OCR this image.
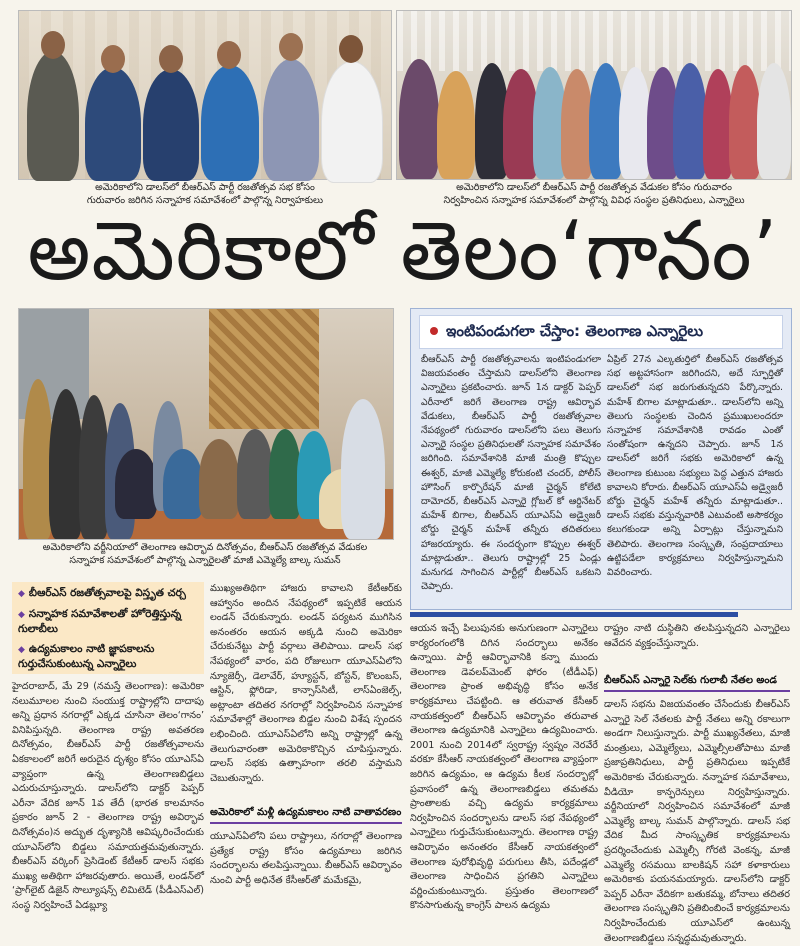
అమెరికాలోని డాలస్‌లో బీఆర్‌ఎస్ పార్టీ రజతోత్సవ సభ కోసం
గురువారం జరిగిన సన్నాహక సమావేశంలో పాల్గొన్న నిర్వాహకులు
అమెరికాలోని డాలస్‌లో బీఆర్‌ఎస్ పార్టీ రజతోత్సవ వేడుకల కోసం గురువారం
నిర్వహించిన సన్నాహక సమావేశంలో పాల్గొన్న వివిధ సంస్థల ప్రతినిధులు, ఎన్నారైలు
అమెరికాలో తెలం‘గానం’
అమెరికాలోని వర్జీనియాలో తెలంగాణ ఆవిర్భావ దినోత్సవం, బీఆర్‌ఎస్ రజతోత్సవ వేడుకల
సన్నాహక సమావేశంలో పాల్గొన్న ఎన్నారైలతో మాజీ ఎమ్మెల్యే బాల్క సుమన్
ఇంటిపండుగలా చేస్తాం: తెలంగాణ ఎన్నారైలు
బీఆర్‌ఎస్ పార్టీ రజతోత్సవాలను ఇంటిపండుగలా విజయవంతం చేస్తామని డాలస్‌లోని తెలంగాణ ఎన్నారైలు ప్రకటించారు. జూన్ 1న డాక్టర్ పెప్పర్ ఎరీనాలో జరిగే తెలంగాణ రాష్ట్ర ఆవిర్భావ వేడుకలు, బీఆర్‌ఎస్ పార్టీ రజతోత్సవాల నేపథ్యంలో గురువారం డాలస్‌లోని పలు తెలుగు ఎన్నారై సంస్థల ప్రతినిధులతో సన్నాహక సమావేశం జరిగింది. సమావేశానికి మాజీ మంత్రి కొప్పుల ఈశ్వర్, మాజీ ఎమ్మెల్యే కోరుకంటి చందర్, పోలీస్ హౌసింగ్ కార్పొరేషన్ మాజీ చైర్మన్ కోలేటి దామోదర్, బీఆర్‌ఎస్ ఎన్నారై గ్లోబల్ కో ఆర్డినేటర్ మహేశ్ బిగాల, బీఆర్‌ఎస్ యూఎస్‌ఏ అడ్వైజరీ బోర్డు చైర్మన్ మహేశ్ తన్నీరు తదితరులు హాజరయ్యారు. ఈ సందర్భంగా కొప్పుల ఈశ్వర్ మాట్లాడుతూ.. తెలుగు రాష్ట్రాల్లో 25 ఏండ్లు మనుగడ సాగించిన పార్టీల్లో బీఆర్‌ఎస్ ఒకటని చెప్పారు.
ఏప్రిల్ 27న ఎల్కతుర్తిలో బీఆర్‌ఎస్ రజతోత్సవ సభ అట్టహాసంగా జరిగిందని, అదే స్ఫూర్తితో డాలస్‌లో సభ జరుగుతున్నదని పేర్కొన్నారు. మహేశ్ బిగాల మాట్లాడుతూ.. డాలస్‌లోని అన్ని తెలుగు సంస్థలకు చెందిన ప్రముఖులందరూ సన్నాహక సమావేశానికి రావడం ఎంతో సంతోషంగా ఉన్నదని చెప్పారు. జూన్ 1న డాలస్‌లో జరిగే సభకు అమెరికాలో ఉన్న తెలంగాణ కుటుంబ సభ్యులు పెద్ద ఎత్తున హాజరు కావాలని కోరారు. బీఆర్‌ఎస్ యూఎస్‌ఏ అడ్వైజరీ బోర్డు చైర్మన్ మహేశ్ తన్నీరు మాట్లాడుతూ.. డాలస్ సభకు వస్తున్నవారికి ఎటువంటి అసౌకర్యం కలుగకుండా అన్ని ఏర్పాట్లు చేస్తున్నామని తెలిపారు. తెలంగాణ సంస్కృతి, సంప్రదాయాలు ఉట్టిపడేలా కార్యక్రమాలు నిర్వహిస్తున్నామని వివరించారు.
◆ బీఆర్‌ఎస్ రజతోత్సవాలపై విస్తృత చర్చ
◆ సన్నాహక సమావేశాలతో హోరెత్తిస్తున్న గులాబీలు
◆ ఉద్యమకాలం నాటి జ్ఞాపకాలను గుర్తుచేసుకుంటున్న ఎన్నారైలు
హైదరాబాద్, మే 29 (నమస్తే తెలంగాణ): అమెరికా నలుమూలల నుంచి సంయుక్త రాష్ట్రాల్లోని దాదాపు అన్ని ప్రధాన నగరాల్లో ఎక్కడ చూసినా తెలం‘గానం’ వినిపిస్తున్నది. తెలంగాణ రాష్ట్ర అవతరణ దినోత్సవం, బీఆర్‌ఎస్ పార్టీ రజతోత్సవాలను ఏకకాలంలో జరిగే అరుదైన దృశ్యం కోసం యూఎస్‌ఏ వ్యాప్తంగా ఉన్న తెలంగాణబిడ్డలు ఎదురుచూస్తున్నారు. డాలస్‌లోని డాక్టర్ పెప్పర్ ఎరీనా వేదిక జూన్ 1వ తేదీ (భారత కాలమానం ప్రకారం జూన్ 2 - తెలంగాణ రాష్ట్ర అవిర్భావ దినోత్సవం)న అద్భుత దృశ్యానికి ఆవిష్కరించేందుకు యూఎస్‌లోని బిడ్డలు సమాయత్తమవుతున్నారు. బీఆర్‌ఎస్ వర్కింగ్ ప్రెసిడెంట్ కేటీఆర్ డాలస్ సభకు ముఖ్య అతిథిగా హాజరవుతారు. అయితే, లండన్‌లో ‘ప్రాగ్‌లైట్ డిజైన్ సొల్యూషన్స్ లిమిటెడ్ (పీడీఎస్‌ఎల్) సంస్థ నిర్వహించే ఏడబ్ల్యూ
ముఖ్యఅతిథిగా హాజరు కావాలని కేటీఆర్‌కు ఆహ్వానం అందిన నేపథ్యంలో ఇప్పటికే ఆయన లండన్ చేరుకున్నారు. లండన్ పర్యటన ముగిసిన అనంతరం ఆయన అక్కడి నుంచి అమెరికా చేరుకునేట్టు పార్టీ వర్గాలు తెలిపాయి. డాలస్ సభ నేపథ్యంలో వారం, పది రోజులుగా యూఎస్‌ఏలోని న్యూజెర్సీ, డెలావేర్, హ్యూస్టన్, బోస్టన్, కొలంబస్, ఆస్టిన్, ఫ్లోరిడా, కాన్సాస్‌సిటీ, లాస్‌ఏంజెల్స్, అట్లాంటా తదితర నగరాల్లో నిర్వహించిన సన్నాహక సమావేశాల్లో తెలంగాణ బిడ్డల నుంచి విశేష స్పందన లభించింది. యూఎస్‌ఏలోని అన్ని రాష్ట్రాల్లో ఉన్న తెలుగువారంతా అమెరికాకొచ్చిన చూపిస్తున్నారు. డాలస్ సభకు ఉత్సాహంగా తరలి వస్తామని చెబుతున్నారు.
అమెరికాలో మళ్లీ ఉద్యమకాలం నాటి వాతావరణం
యూఎస్‌ఏలోని పలు రాష్ట్రాలు, నగరాల్లో తెలంగాణ ప్రత్యేక రాష్ట్ర కోసం ఉద్యమాలు జరిగిన సందర్భాలను తలపిస్తున్నాయి. బీఆర్‌ఎస్ ఆవిర్భావం నుంచి పార్టీ అధినేత కేసీఆర్‌తో మమేకమై,
ఆయన ఇచ్చే పిలుపునకు అనుగుణంగా ఎన్నారైలు కార్యరంగంలోకి దిగిన సందర్భాలు అనేకం ఉన్నాయి. పార్టీ ఆవిర్భావానికి కన్నా ముందు తెలంగాణ డెవలప్‌మెంట్ ఫోరం (టీడీఎఫ్) తెలంగాణ ప్రాంత అభివృద్ధి కోసం అనేక కార్యక్రమాలు చేపట్టింది. ఆ తరువాత కేసీఆర్ నాయకత్వంలో బీఆర్‌ఎస్ ఆవిర్భావం తరువాత తెలంగాణ ఉద్యమానికి ఎన్నారైలు ఉద్యమించారు. 2001 నుంచి 2014లో స్వరాష్ట్ర స్వప్నం నెరవేరే వరకూ కేసీఆర్ నాయకత్వంలో తెలంగాణ వ్యాప్తంగా జరిగిన ఉద్యమం, ఆ ఉద్యమ కీలక సందర్భాల్లో ప్రవాసంలో ఉన్న తెలంగాణబిడ్డలు తమతమ ప్రాంతాలకు వచ్చి ఉద్యమ కార్యక్రమాలు నిర్వహించిన సందర్భాలను డాలస్ సభ నేపథ్యంలో ఎన్నారైలు గుర్తుచేసుకుంటున్నారు. తెలంగాణ రాష్ట్ర ఆవిర్భావం అనంతరం కేసీఆర్ నాయకత్వంలో తెలంగాణ పురోభివృద్ధి పరుగులు తీసి, పదేండ్లలో తెలంగాణ సాధించిన ప్రగతిని ఎన్నారైలు వర్ణించుకుంటున్నారు. ప్రస్తుతం తెలంగాణలో కొనసాగుతున్న కాంగ్రెస్ పాలన ఉద్యమ
రాష్ట్రం నాటి దుస్థితిని తలపిస్తున్నదని ఎన్నారైలు ఆవేదన వ్యక్తంచేస్తున్నారు.
బీఆర్‌ఎస్ ఎన్నారై సెల్‌కు గులాబీ నేతల అండ
డాలస్ సభను విజయవంతం చేసేందుకు బీఆర్‌ఎస్ ఎన్నారై సెల్ నేతలకు పార్టీ నేతలు అన్ని రకాలుగా అండగా నిలుస్తున్నారు. పార్టీ ముఖ్యనేతలు, మాజీ మంత్రులు, ఎమ్మెల్యేలు, ఎమ్మెల్సీలతోపాటు మాజీ ప్రజాప్రతినిధులు, పార్టీ ప్రతినిధులు ఇప్పటికే అమెరికాకు చేరుకున్నారు. నన్నాహక సమావేశాలు, వీడియో కాన్ఫరెన్సులు నిర్వహిస్తున్నారు. వర్జీనియాలో నిర్వహించిన సమావేశంలో మాజీ ఎమ్మెల్యే బాల్క సుమన్ పాల్గొన్నారు. డాలస్ సభ వేదిక మీద సాంస్కృతిక కార్యక్రమాలను ప్రదర్శించేందుకు ఎమ్మెల్సీ గోరటి వెంకన్న, మాజీ ఎమ్మెల్యే రసమయి బాలకిషన్ సహా కళాకారులు అమెరికాకు పయనమయ్యారు. డాలస్‌లోని డాక్టర్ పెప్పర్ ఎరీనా వేదికగా బతుకమ్మ, బోనాలు తదితర తెలంగాణ సంస్కృతిని ప్రతిబింబించే కార్యక్రమాలను నిర్వహించేందుకు యూఎస్‌లో ఉంటున్న తెలంగాణబిడ్డలు సన్నద్ధమవుతున్నారు.
